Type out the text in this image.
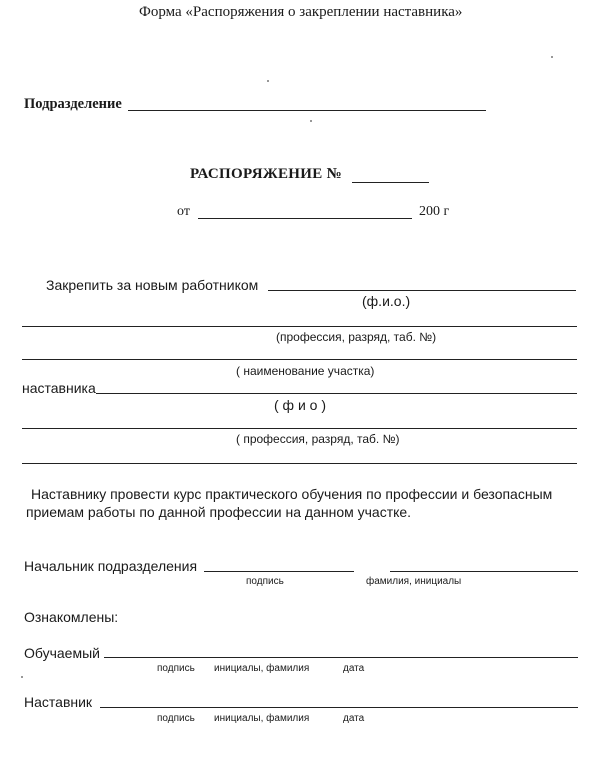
Форма «Распоряжения о закреплении наставника»
Подразделение
РАСПОРЯЖЕНИЕ №
от	200 г
Закрепить за новым работником
(ф.и.о.)
(профессия, разряд, таб. №)
( наименование участка)
наставника
( ф и о )
( профессия, разряд, таб. №)
Наставнику провести курс практического обучения по профессии и безопасным
приемам работы по данной профессии на данном участке.
Начальник подразделения
подпись	фамилия, инициалы
Ознакомлены:
Обучаемый
подпись инициалы, фамилия	дата
Наставник
подпись инициалы, фамилия	дата
